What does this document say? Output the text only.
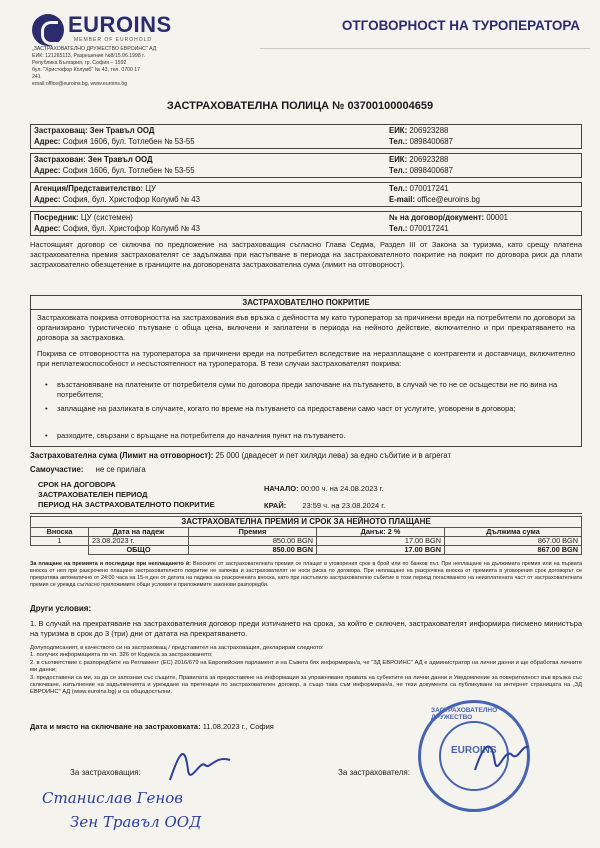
EUROINS
MEMBER OF EUROHOLD
„ЗАСТРАХОВАТЕЛНО ДРУЖЕСТВО ЕВРОИНС" АД
ЕИК: 121265113, Разрешение №8/15.06.1998 г.
Република България, гр. София – 1592
бул. "Христофор Колумб" № 43, тел. 0700 17
241
email:office@euroins.bg, www.euroins.bg
ОТГОВОРНОСТ НА ТУРОПЕРАТОРА
ЗАСТРАХОВАТЕЛНА ПОЛИЦА № 03700100004659
Застраховащ: Зен Травъл ООД	ЕИК: 206923288
Адрес: София 1606, бул. Тотлебен № 53-55	Тел.: 0898400687
Застрахован: Зен Травъл ООД	ЕИК: 206923288
Адрес: София 1606, бул. Тотлебен № 53-55	Тел.: 0898400687
Агенция/Представителство: ЦУ	Тел.: 070017241
Адрес: София, бул. Христофор Колумб № 43	E-mail: office@euroins.bg
Посредник: ЦУ (системен)	№ на договор/документ: 00001
Адрес: София, бул. Христофор Колумб № 43	Тел.: 070017241
Настоящият договор се сключва по предложение на застраховащия съгласно Глава Седма, Раздел III от Закона за туризма, като срещу платена застрахователна премия застрахователят се задължава при настъпване в периода на застрахователното покритие на покрит по договора риск да плати застрахователно обезщетение в границите на договорената застрахователна сума (лимит на отговорност).
ЗАСТРАХОВАТЕЛНО ПОКРИТИЕ
Застраховката покрива отговорността на застрахования във връзка с дейността му като туроператор за причинени вреди на потребители по договори за организирано туристическо пътуване с обща цена, включени и заплатени в периода на нейното действие, включително и при прекратяването на договора за застраховка.
Покрива се отговорността на туроператора за причинени вреди на потребител вследствие на неразплащане с контрагенти и доставчици, включително при неплатежоспособност и несъстоятелност на туроператора. В тези случаи застрахователят покрива:
• възстановяване на платените от потребителя суми по договора преди започване на пътуването, в случай че то не се осъществи не по вина на потребителя;
• заплащане на разликата в случаите, когато по време на пътуването са предоставени само част от услугите, уговорени в договора;
• разходите, свързани с връщане на потребителя до началния пункт на пътуването.
Застрахователна сума (Лимит на отговорност): 25 000 (двадесет и пет хиляди лева) за едно събитие и в агрегат
Самоучастие: не се прилага
СРОК НА ДОГОВОРА
ЗАСТРАХОВАТЕЛЕН ПЕРИОД
ПЕРИОД НА ЗАСТРАХОВАТЕЛНОТО ПОКРИТИЕ
НАЧАЛО: 00:00 ч. на 24.08.2023 г.
КРАЙ: 23:59 ч. на 23.08.2024 г.
ЗАСТРАХОВАТЕЛНА ПРЕМИЯ И СРОК ЗА НЕЙНОТО ПЛАЩАНЕ				
Вноска	Дата на падеж	Премия	Данък: 2 %	Дължима сума
1	23.08.2023 г.	850.00 BGN	17.00 BGN	867.00 BGN
	ОБЩО	850.00 BGN	17.00 BGN	867.00 BGN
За плащане на премията и последици при неплащането ѝ: Вноските от застрахователната премия се плащат в уговорения срок в брой или по банков път. При неплащане на дължимата премия или на първата вноска от нея при разсрочено плащане застрахователното покритие не започва и застрахователят не носи риска по договора. При неплащане на разсрочена вноска от премията в уговорения срок договорът се прекратява автоматично от 24:00 часа на 15-я ден от датата на падежа на разсрочената вноска, като при настъпило застрахователно събитие в този период погасяването на неизплатената част от застрахователната премия се урежда съгласно приложимите общи условия и приложимите законови разпоредби.
Други условия:
1. В случай на прекратяване на застрахователния договор преди изтичането на срока, за който е сключен, застрахователят информира писмено министъра на туризма в срок до 3 (три) дни от датата на прекратяването.
Долуподписаният, в качеството си на застраховащ / представител на застраховащия, декларирам следното:
1. получих информацията по чл. 326 от Кодекса за застраховането;
2. в съответствие с разпоредбите на Регламент (ЕС) 2016/679 на Европейския парламент и на Съвета бях информиран/а, че "ЗД ЕВРОИНС" АД е администратор на лични данни и ще обработва личните ми данни;
3. предоставени са ми, за да се запозная със същите, Правилата за предоставяне на информация за упражняване правата на субектите на лични данни и Уведомление за поверителност във връзка със сключване, изпълнение на задълженията и уреждане на претенции по застрахователен договор, а също така съм информиран/а, че тези документи са публикувани на интернет страницата на „ЗД ЕВРОИНС" АД (www.euroins.bg) и са общодостъпни.
Дата и място на сключване на застраховката: 11.08.2023 г., София
За застраховащия:	За застрахователя:
Станислав Генов
Зен Травъл ООД
ЗАСТРАХОВАТЕЛНО ДРУЖЕСТВО
EUROINS
